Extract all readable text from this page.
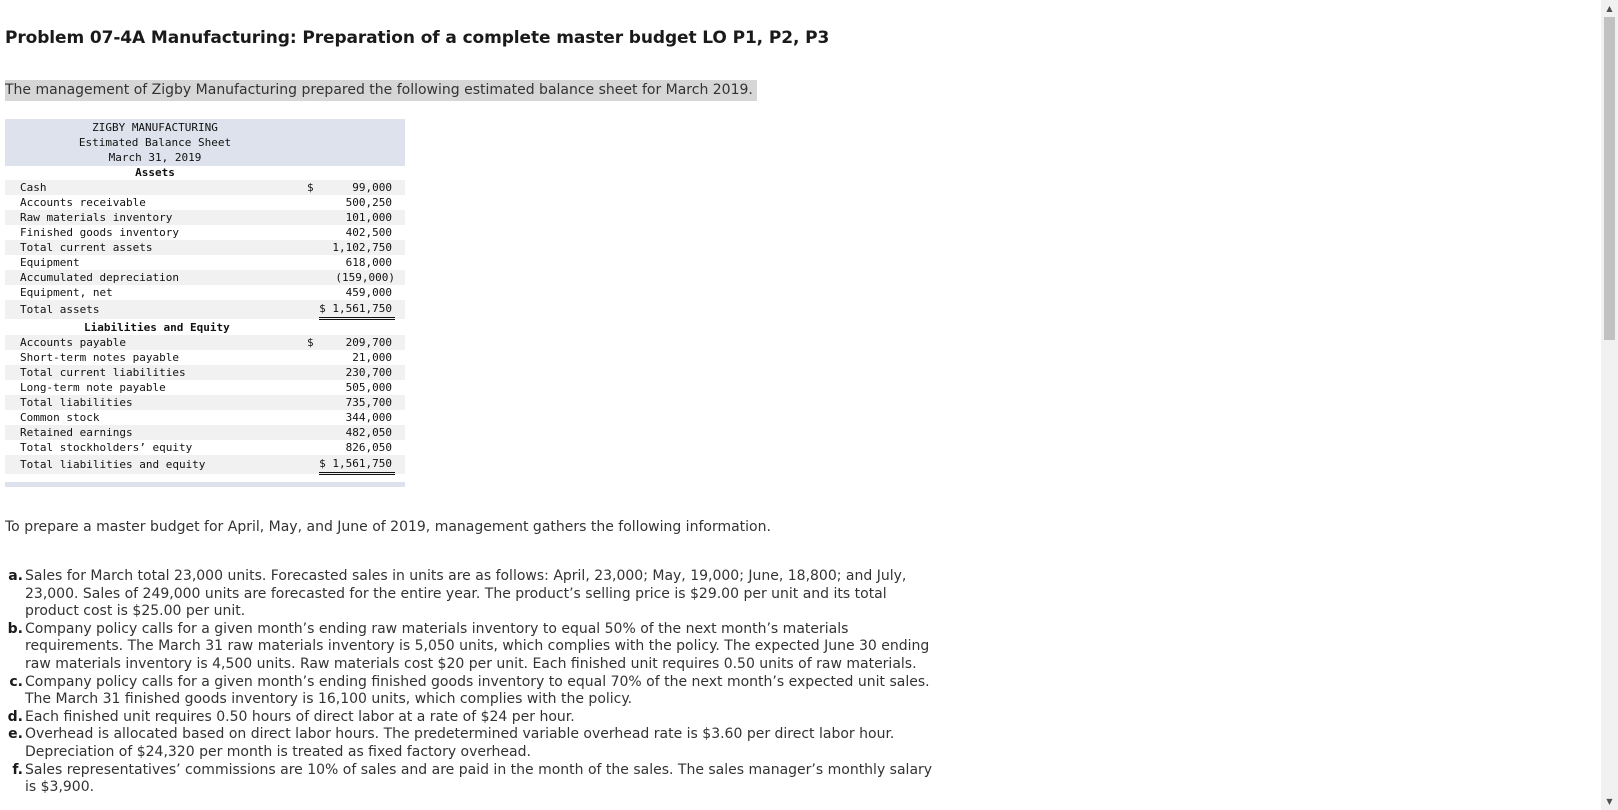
Problem 07-4A Manufacturing: Preparation of a complete master budget LO P1, P2, P3
The management of Zigby Manufacturing prepared the following estimated balance sheet for March 2019.
ZIGBY MANUFACTURING
Estimated Balance Sheet
March 31, 2019
Assets
Cash	$	99,000
Accounts receivable	500,250
Raw materials inventory	101,000
Finished goods inventory	402,500
Total current assets	1,102,750
Equipment	618,000
Accumulated depreciation	(159,000)
Equipment, net	459,000
Total assets	$ 1,561,750
Liabilities and Equity
Accounts payable	$	209,700
Short-term notes payable	21,000
Total current liabilities	230,700
Long-term note payable	505,000
Total liabilities	735,700
Common stock	344,000
Retained earnings	482,050
Total stockholders’ equity	826,050
Total liabilities and equity	$ 1,561,750
To prepare a master budget for April, May, and June of 2019, management gathers the following information.
a. Sales for March total 23,000 units. Forecasted sales in units are as follows: April, 23,000; May, 19,000; June, 18,800; and July, 23,000. Sales of 249,000 units are forecasted for the entire year. The product’s selling price is $29.00 per unit and its total product cost is $25.00 per unit.
b. Company policy calls for a given month’s ending raw materials inventory to equal 50% of the next month’s materials requirements. The March 31 raw materials inventory is 5,050 units, which complies with the policy. The expected June 30 ending raw materials inventory is 4,500 units. Raw materials cost $20 per unit. Each finished unit requires 0.50 units of raw materials.
c. Company policy calls for a given month’s ending finished goods inventory to equal 70% of the next month’s expected unit sales. The March 31 finished goods inventory is 16,100 units, which complies with the policy.
d. Each finished unit requires 0.50 hours of direct labor at a rate of $24 per hour.
e. Overhead is allocated based on direct labor hours. The predetermined variable overhead rate is $3.60 per direct labor hour. Depreciation of $24,320 per month is treated as fixed factory overhead.
f. Sales representatives’ commissions are 10% of sales and are paid in the month of the sales. The sales manager’s monthly salary is $3,900.
▲
▼
